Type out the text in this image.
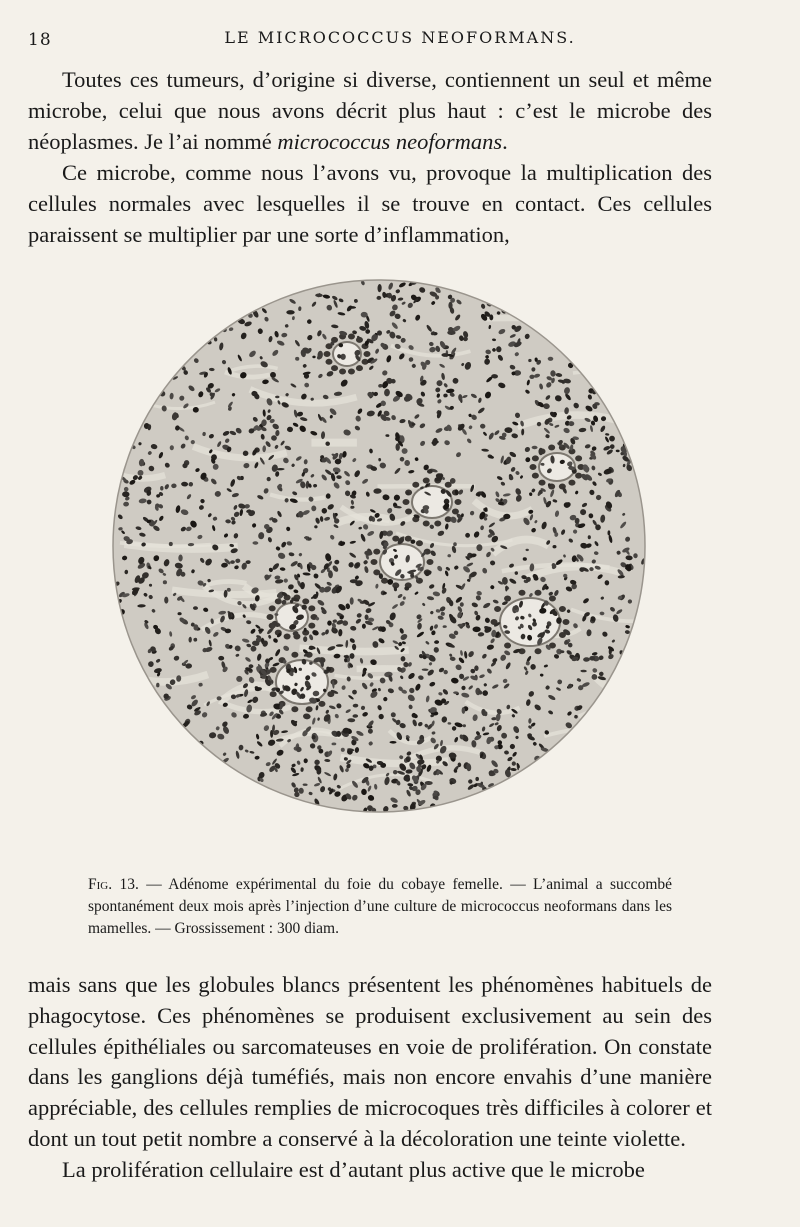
18	LE MICROCOCCUS NEOFORMANS.

Toutes ces tumeurs, d’origine si diverse, contiennent un seul et même microbe, celui que nous avons décrit plus haut : c’est le microbe des néoplasmes. Je l’ai nommé micrococcus neoformans.

Ce microbe, comme nous l’avons vu, provoque la multiplication des cellules normales avec lesquelles il se trouve en contact. Ces cellules paraissent se multiplier par une sorte d’inflammation,

Fig. 13. — Adénome expérimental du foie du cobaye femelle. — L’animal a succombé spontanément deux mois après l’injection d’une culture de micrococcus neoformans dans les mamelles. — Grossissement : 300 diam.

mais sans que les globules blancs présentent les phénomènes habituels de phagocytose. Ces phénomènes se produisent exclusivement au sein des cellules épithéliales ou sarcomateuses en voie de prolifération. On constate dans les ganglions déjà tuméfiés, mais non encore envahis d’une manière appréciable, des cellules remplies de microcoques très difficiles à colorer et dont un tout petit nombre a conservé à la décoloration une teinte violette.

La prolifération cellulaire est d’autant plus active que le microbe
